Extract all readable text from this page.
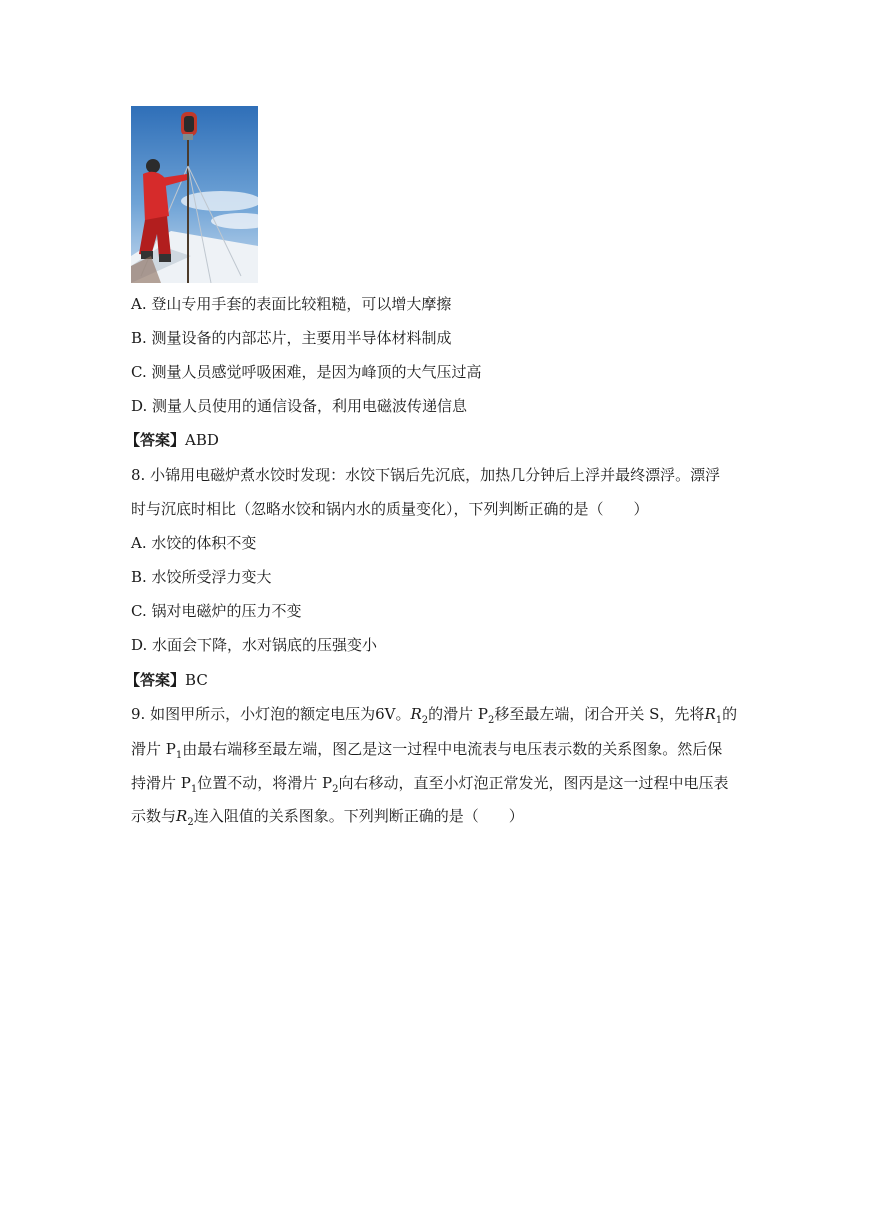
A. 登山专用手套的表面比较粗糙，可以增大摩擦
B. 测量设备的内部芯片，主要用半导体材料制成
C. 测量人员感觉呼吸困难，是因为峰顶的大气压过高
D. 测量人员使用的通信设备，利用电磁波传递信息
【答案】ABD
8. 小锦用电磁炉煮水饺时发现：水饺下锅后先沉底，加热几分钟后上浮并最终漂浮。漂浮
时与沉底时相比（忽略水饺和锅内水的质量变化），下列判断正确的是（　　）
A. 水饺的体积不变
B. 水饺所受浮力变大
C. 锅对电磁炉的压力不变
D. 水面会下降，水对锅底的压强变小
【答案】BC
9. 如图甲所示，小灯泡的额定电压为6V。$R_2$的滑片 $P_2$移至最左端，闭合开关 S，先将$R_1$的
滑片 $P_1$由最右端移至最左端，图乙是这一过程中电流表与电压表示数的关系图象。然后保
持滑片 $P_1$位置不动，将滑片 $P_2$向右移动，直至小灯泡正常发光，图丙是这一过程中电压表
示数与$R_2$连入阻值的关系图象。下列判断正确的是（　　）
